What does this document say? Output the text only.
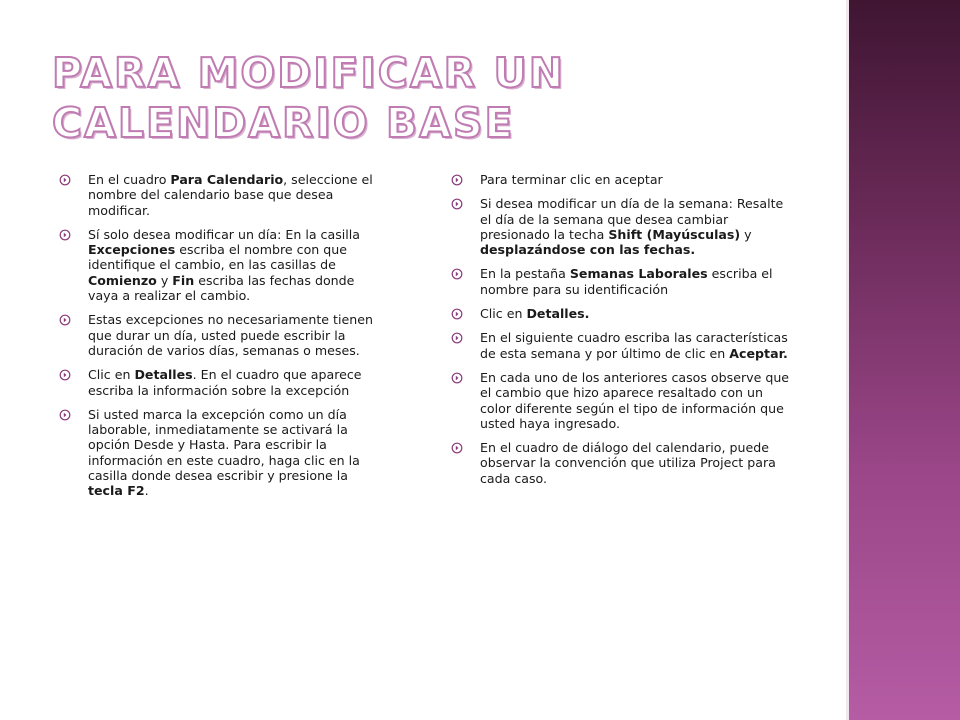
PARA MODIFICAR UN CALENDARIO BASE
En el cuadro Para Calendario, seleccione el nombre del calendario base que desea modificar.
Sí solo desea modificar un día: En la casilla Excepciones escriba el nombre con que identifique el cambio, en las casillas de Comienzo y Fin escriba las fechas donde vaya a realizar el cambio.
Estas excepciones no necesariamente tienen que durar un día, usted puede escribir la duración de varios días, semanas o meses.
Clic en Detalles. En el cuadro que aparece escriba la información sobre la excepción
Si usted marca la excepción como un día laborable, inmediatamente se activará la opción Desde y Hasta. Para escribir la información en este cuadro, haga clic en la casilla donde desea escribir y presione la tecla F2.
Para terminar clic en aceptar
Si desea modificar un día de la semana: Resalte el día de la semana que desea cambiar presionado la techa Shift (Mayúsculas) y desplazándose con las fechas.
En la pestaña Semanas Laborales escriba el nombre para su identificación
Clic en Detalles.
En el siguiente cuadro escriba las características de esta semana y por último de clic en Aceptar.
En cada uno de los anteriores casos observe que el cambio que hizo aparece resaltado con un color diferente según el tipo de información que usted haya ingresado.
En el cuadro de diálogo del calendario, puede observar la convención que utiliza Project para cada caso.
